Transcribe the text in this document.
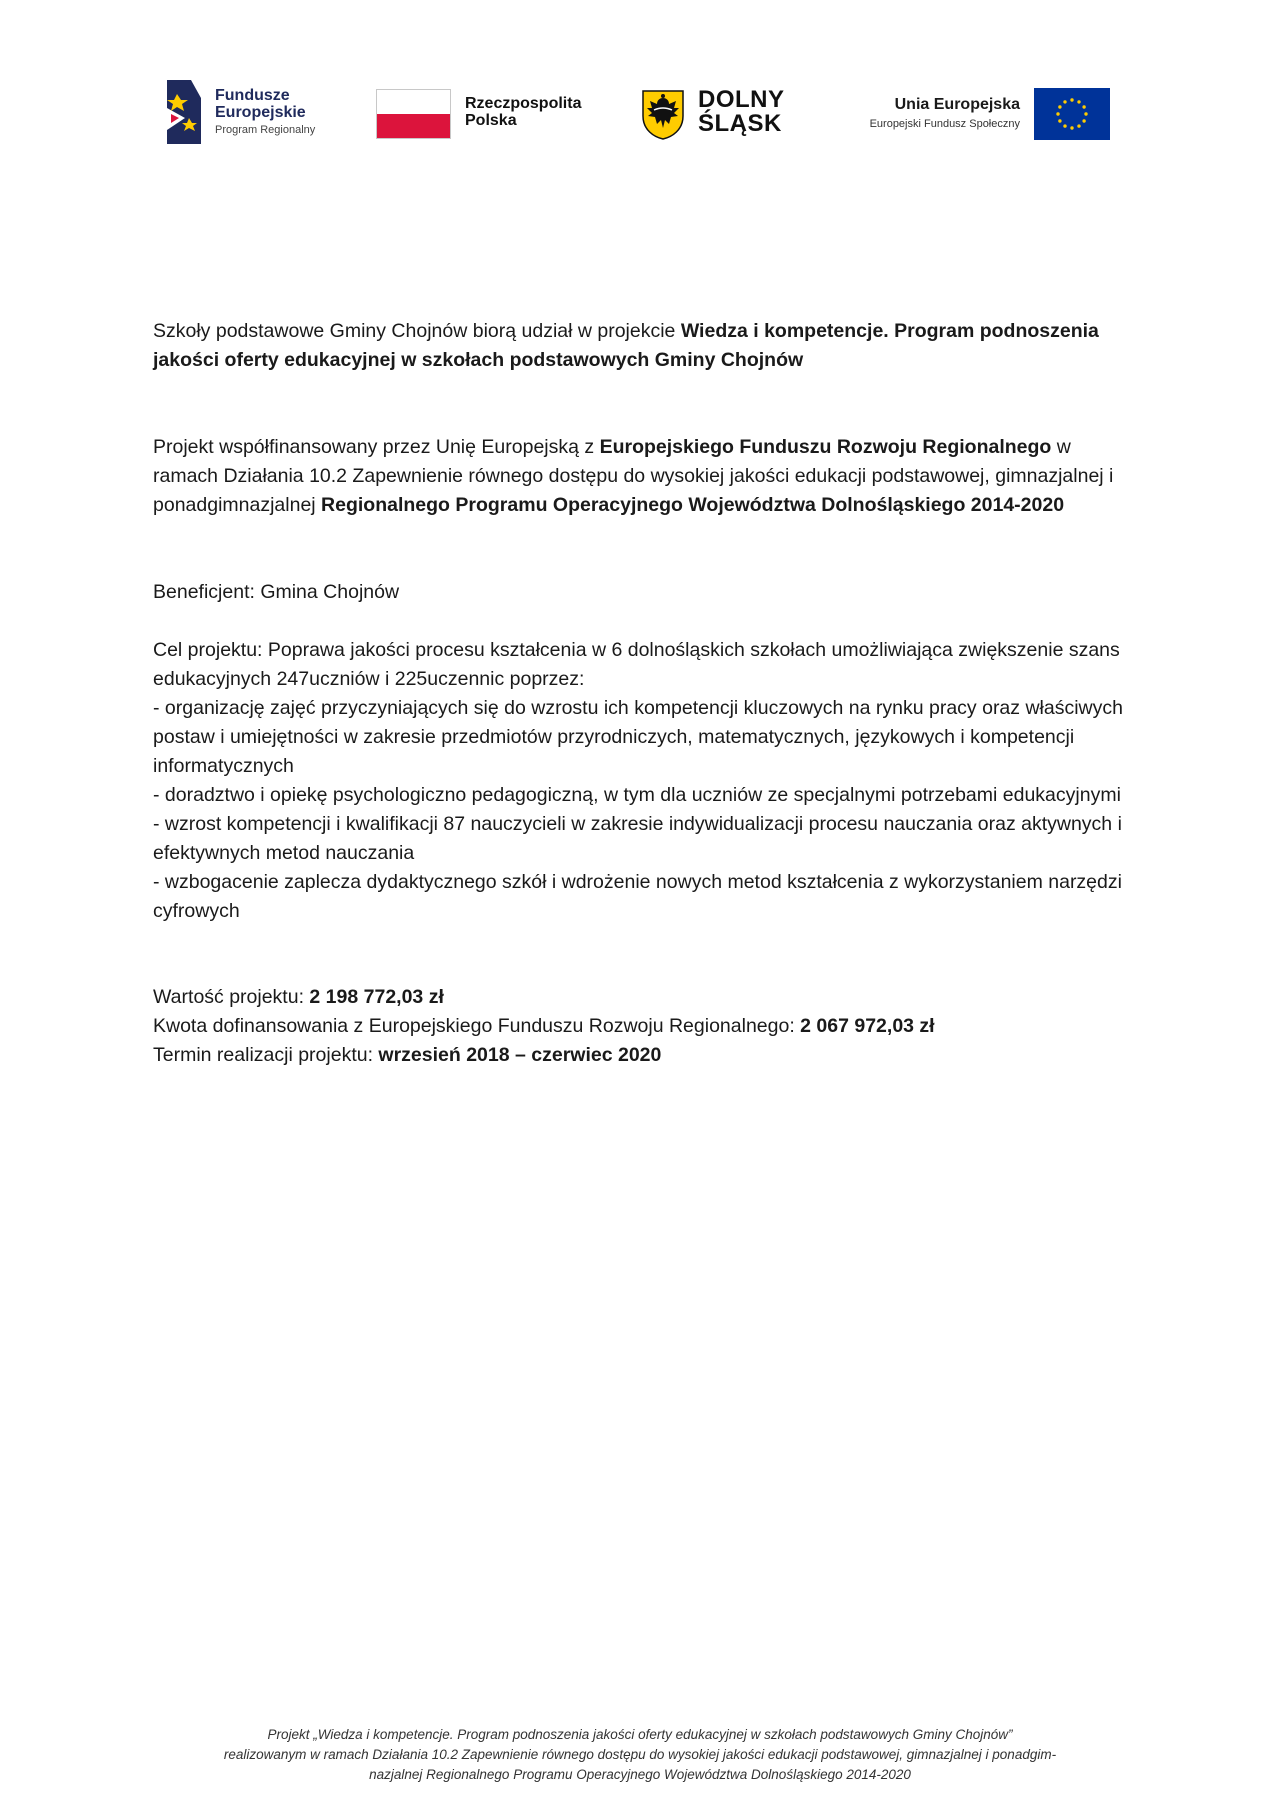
Fundusze
Europejskie
Program Regionalny
Rzeczpospolita
Polska
DOLNY
ŚLĄSK
Unia Europejska
Europejski Fundusz Społeczny

Szkoły podstawowe Gminy Chojnów biorą udział w projekcie Wiedza i kompetencje. Program podnoszenia jakości oferty edukacyjnej w szkołach podstawowych Gminy Chojnów

Projekt współfinansowany przez Unię Europejską z Europejskiego Funduszu Rozwoju Regionalnego w ramach Działania 10.2 Zapewnienie równego dostępu do wysokiej jakości edukacji podstawowej, gimnazjalnej i ponadgimnazjalnej Regionalnego Programu Operacyjnego Województwa Dolnośląskiego 2014-2020

Beneficjent: Gmina Chojnów

Cel projektu: Poprawa jakości procesu kształcenia w 6 dolnośląskich szkołach umożliwiająca zwiększenie szans edukacyjnych 247uczniów i 225uczennic poprzez:

- organizację zajęć przyczyniających się do wzrostu ich kompetencji kluczowych na rynku pracy oraz właściwych postaw i umiejętności w zakresie przedmiotów przyrodniczych, matematycznych, językowych i kompetencji informatycznych

- doradztwo i opiekę psychologiczno pedagogiczną, w tym dla uczniów ze specjalnymi potrzebami edukacyjnymi

- wzrost kompetencji i kwalifikacji 87 nauczycieli w zakresie indywidualizacji procesu nauczania oraz aktywnych i efektywnych metod nauczania

- wzbogacenie zaplecza dydaktycznego szkół i wdrożenie nowych metod kształcenia z wykorzystaniem narzędzi cyfrowych

Wartość projektu: 2 198 772,03 zł

Kwota dofinansowania z Europejskiego Funduszu Rozwoju Regionalnego: 2 067 972,03 zł

Termin realizacji projektu: wrzesień 2018 – czerwiec 2020

Projekt „Wiedza i kompetencje. Program podnoszenia jakości oferty edukacyjnej w szkołach podstawowych Gminy Chojnów”
realizowanym w ramach Działania 10.2 Zapewnienie równego dostępu do wysokiej jakości edukacji podstawowej, gimnazjalnej i ponadgim-
nazjalnej Regionalnego Programu Operacyjnego Województwa Dolnośląskiego 2014-2020
